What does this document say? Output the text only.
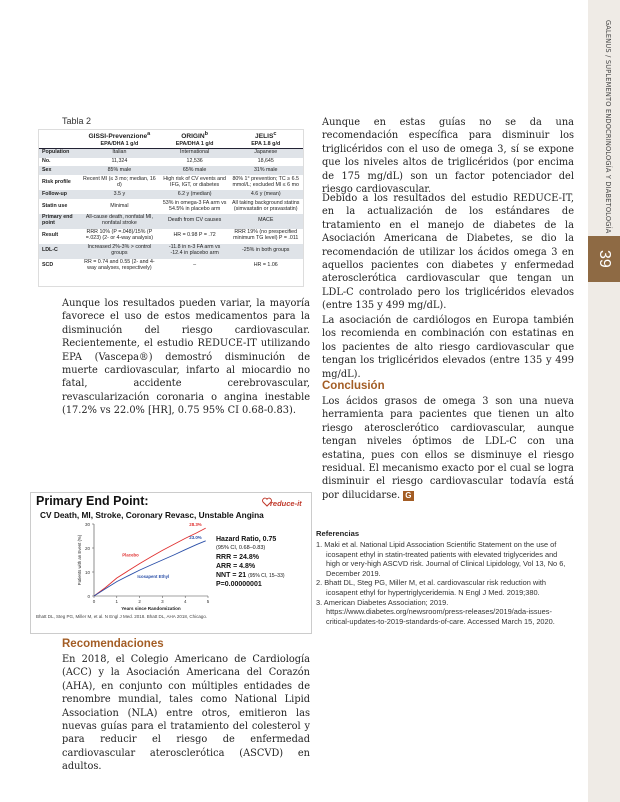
GALENUS / SUPLEMENTO ENDOCRINOLOGÍA Y DIABETOLOGÍA
39
Tabla 2
	GISSI-Prevenzione$^a$	ORIGIN$^b$	JELIS$^c$
	EPA/DHA 1 g/d	EPA/DHA 1 g/d	EPA 1.8 g/d
Population	Italian	International	Japanese
No.	11,324	12,536	18,645
Sex	85% male	65% male	31% male
Risk profile	Recent MI (≤ 3 mo; median, 16 d)	High risk of CV events and IFG, IGT, or diabetes	80% 1° prevention; TC ≥ 6.5 mmol/L; excluded MI ≤ 6 mo
Follow-up	3.5 y	6.2 y (median)	4.6 y (mean)
Statin use	Minimal	53% in omega-3 FA arm vs 54.5% in placebo arm	All taking background statins (simvastatin or pravastatin)
Primary end point	All-cause death, nonfatal MI, nonfatal stroke	Death from CV causes	MACE
Result	RRR 10% (P =.048)/15% (P =.023) (2- or 4-way analysis)	HR = 0.98 P = .72	RRR 19% (no prespecified minimum TG level) P = .011
LDL-C	Increased 2%-3% > control groups	-11.8 in n-3 FA arm vs -12.4 in placebo arm	-25% in both groups
SCD	RR = 0.74 and 0.55 (2- and 4-way analyses, respectively)	–	HR = 1.06

Aunque los resultados pueden variar, la mayoría favorece el uso de estos medicamentos para la disminución del riesgo cardiovascular. Recientemente, el estudio REDUCE-IT utilizando EPA (Vascepa®) demostró disminución de muerte cardiovascular, infarto al miocardio no fatal, accidente cerebrovascular, revascularización coronaria o angina inestable (17.2% vs 22.0% [HR], 0.75 95% CI 0.68-0.83).

Primary End Point:
CV Death, MI, Stroke, Coronary Revasc, Unstable Angina
reduce-it
0
10
20
30
0	1	2	3	4	5
Years since Randomization
Patients with an Event (%)	Placebo
28.3%
Icosapent Ethyl
23.0%
Bhatt DL, Steg PG, Miller M, et al. N Engl J Med. 2018. Bhatt DL, AHA 2018, Chicago.
Hazard Ratio, 0.75
(95% CI, 0.68–0.83)
RRR = 24.8%
ARR = 4.8%
NNT = 21 (95% CI, 15–33)
P=0.00000001
Recomendaciones

En 2018, el Colegio Americano de Cardiología (ACC) y la Asociación Americana del Corazón (AHA), en conjunto con múltiples entidades de renombre mundial, tales como National Lipid Association (NLA) entre otros, emitieron las nuevas guías para el tratamiento del colesterol y para reducir el riesgo de enfermedad cardiovascular aterosclerótica (ASCVD) en adultos.

Aunque en estas guías no se da una recomendación específica para disminuir los triglicéridos con el uso de omega 3, sí se expone que los niveles altos de triglicéridos (por encima de 175 mg/dL) son un factor potenciador del riesgo cardiovascular.

Debido a los resultados del estudio REDUCE-IT, en la actualización de los estándares de tratamiento en el manejo de diabetes de la Asociación Americana de Diabetes, se dio la recomendación de utilizar los ácidos omega 3 en aquellos pacientes con diabetes y enfermedad aterosclerótica cardiovascular que tengan un LDL-C controlado pero los triglicéridos elevados (entre 135 y 499 mg/dL).

La asociación de cardiólogos en Europa también los recomienda en combinación con estatinas en los pacientes de alto riesgo cardiovascular que tengan los triglicéridos elevados (entre 135 y 499 mg/dL).

Conclusión

Los ácidos grasos de omega 3 son una nueva herramienta para pacientes que tienen un alto riesgo aterosclerótico cardiovascular, aunque tengan niveles óptimos de LDL-C con una estatina, pues con ellos se disminuye el riesgo residual. El mecanismo exacto por el cual se logra disminuir el riesgo cardiovascular todavía está por dilucidarse. G

Referencias
1. Maki et al. National Lipid Association Scientific Statement on the use of icosapent ethyl in statin-treated patients with elevated triglycerides and high or very-high ASCVD risk. Journal of Clinical Lipidology, Vol 13, No 6, December 2019.
2. Bhatt DL, Steg PG, Miller M, et al. cardiovascular risk reduction with icosapent ethyl for hypertriglyceridemia. N Engl J Med. 2019;380.
3. American Diabetes Association; 2019. https://www.diabetes.org/newsroom/press-releases/2019/ada-issues-critical-updates-to-2019-standards-of-care. Accessed March 15, 2020.
